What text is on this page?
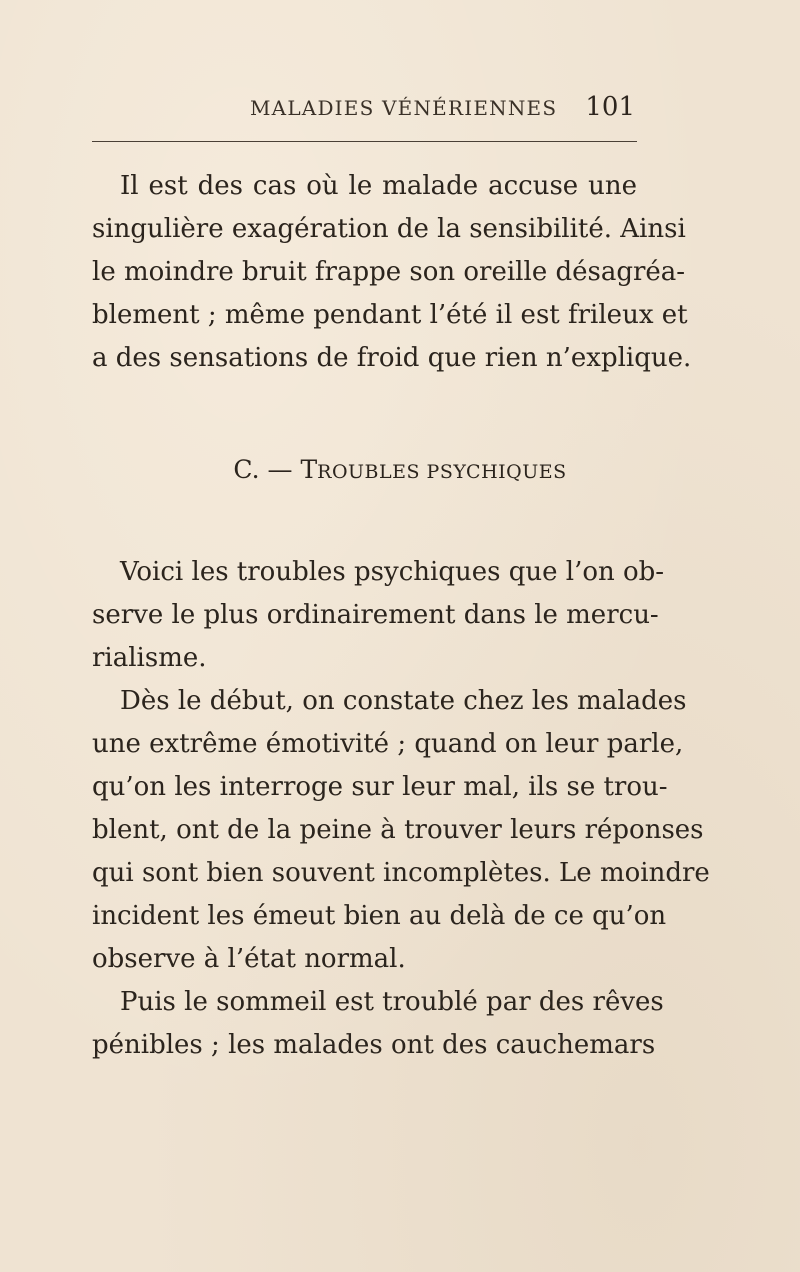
MALADIES VÉNÉRIENNES 101
Il est des cas où le malade accuse une
singulière exagération de la sensibilité. Ainsi
le moindre bruit frappe son oreille désagréa-
blement ; même pendant l’été il est frileux et
a des sensations de froid que rien n’explique.
C. — TROUBLES PSYCHIQUES
Voici les troubles psychiques que l’on ob-
serve le plus ordinairement dans le mercu-
rialisme.
Dès le début, on constate chez les malades
une extrême émotivité ; quand on leur parle,
qu’on les interroge sur leur mal, ils se trou-
blent, ont de la peine à trouver leurs réponses
qui sont bien souvent incomplètes. Le moindre
incident les émeut bien au delà de ce qu’on
observe à l’état normal.
Puis le sommeil est troublé par des rêves
pénibles ; les malades ont des cauchemars
